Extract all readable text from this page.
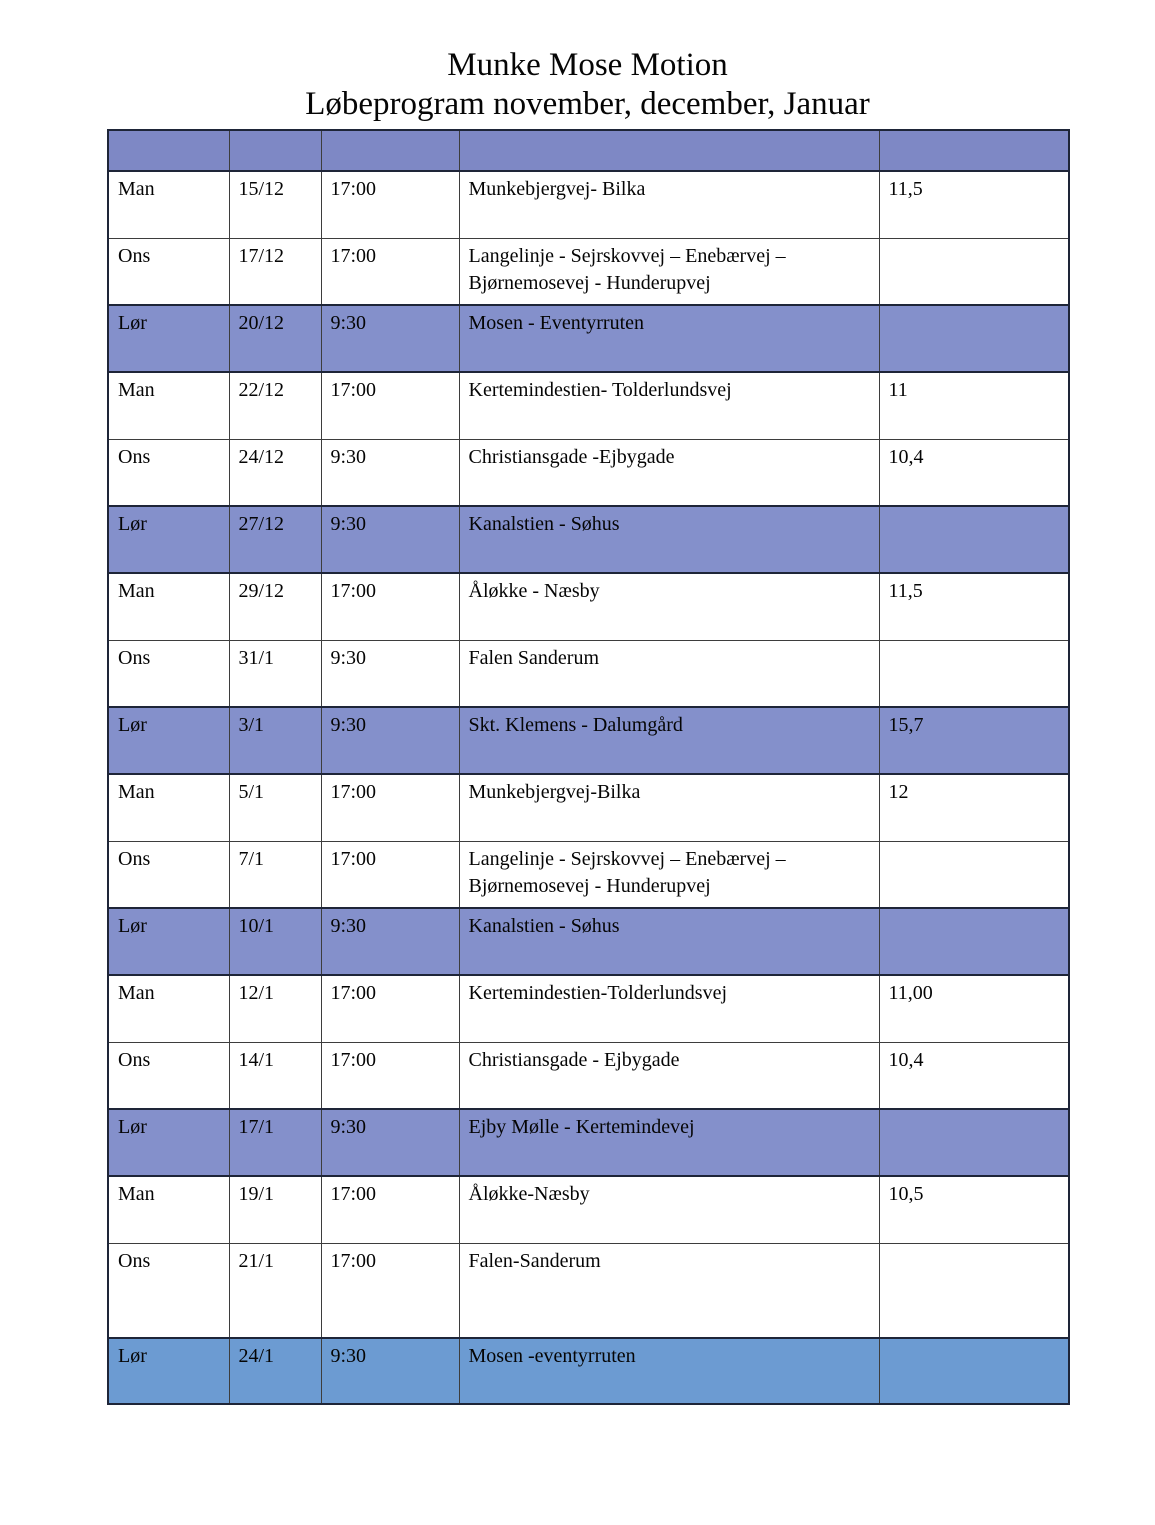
Munke Mose Motion
Løbeprogram november, december, Januar

Man	15/12	17:00	Munkebjergvej- Bilka	11,5
Ons	17/12	17:00	Langelinje - Sejrskovvej – Enebærvej – Bjørnemosevej - Hunderupvej	
Lør	20/12	9:30	Mosen - Eventyrruten	
Man	22/12	17:00	Kertemindestien- Tolderlundsvej	11
Ons	24/12	9:30	Christiansgade -Ejbygade	10,4
Lør	27/12	9:30	Kanalstien - Søhus	
Man	29/12	17:00	Åløkke - Næsby	11,5
Ons	31/1	9:30	Falen Sanderum	
Lør	3/1	9:30	Skt. Klemens - Dalumgård	15,7
Man	5/1	17:00	Munkebjergvej-Bilka	12
Ons	7/1	17:00	Langelinje - Sejrskovvej – Enebærvej – Bjørnemosevej - Hunderupvej	
Lør	10/1	9:30	Kanalstien - Søhus	
Man	12/1	17:00	Kertemindestien-Tolderlundsvej	11,00
Ons	14/1	17:00	Christiansgade - Ejbygade	10,4
Lør	17/1	9:30	Ejby Mølle - Kertemindevej	
Man	19/1	17:00	Åløkke-Næsby	10,5
Ons	21/1	17:00	Falen-Sanderum	
Lør	24/1	9:30	Mosen -eventyrruten	
